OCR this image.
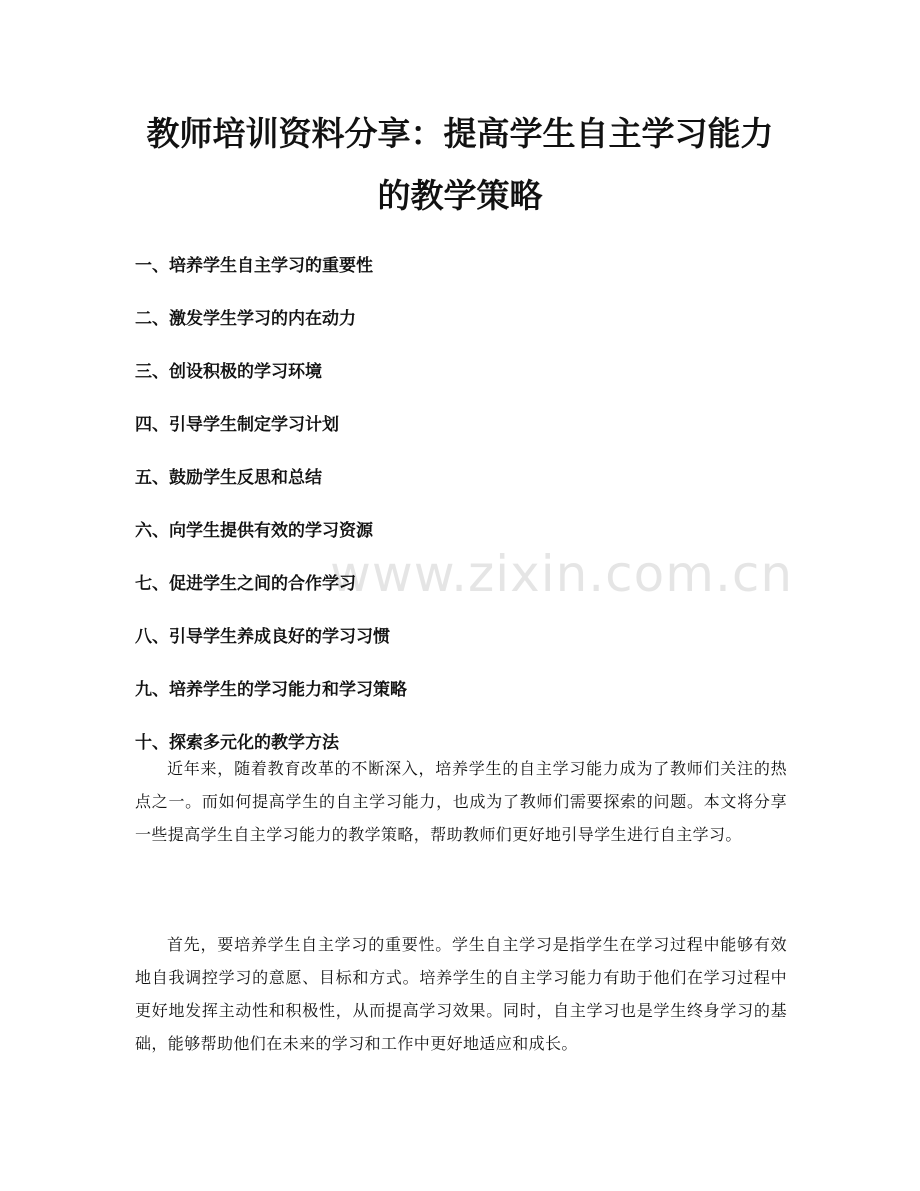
教师培训资料分享：提高学生自主学习能力
的教学策略
一、培养学生自主学习的重要性
二、激发学生学习的内在动力
三、创设积极的学习环境
四、引导学生制定学习计划
五、鼓励学生反思和总结
六、向学生提供有效的学习资源
七、促进学生之间的合作学习
八、引导学生养成良好的学习习惯
九、培养学生的学习能力和学习策略
十、探索多元化的教学方法

近年来，随着教育改革的不断深入，培养学生的自主学习能力成为了教师们关注的热点之一。而如何提高学生的自主学习能力，也成为了教师们需要探索的问题。本文将分享一些提高学生自主学习能力的教学策略，帮助教师们更好地引导学生进行自主学习。

首先，要培养学生自主学习的重要性。学生自主学习是指学生在学习过程中能够有效地自我调控学习的意愿、目标和方式。培养学生的自主学习能力有助于他们在学习过程中更好地发挥主动性和积极性，从而提高学习效果。同时，自主学习也是学生终身学习的基础，能够帮助他们在未来的学习和工作中更好地适应和成长。

www.zixin.com.cn
